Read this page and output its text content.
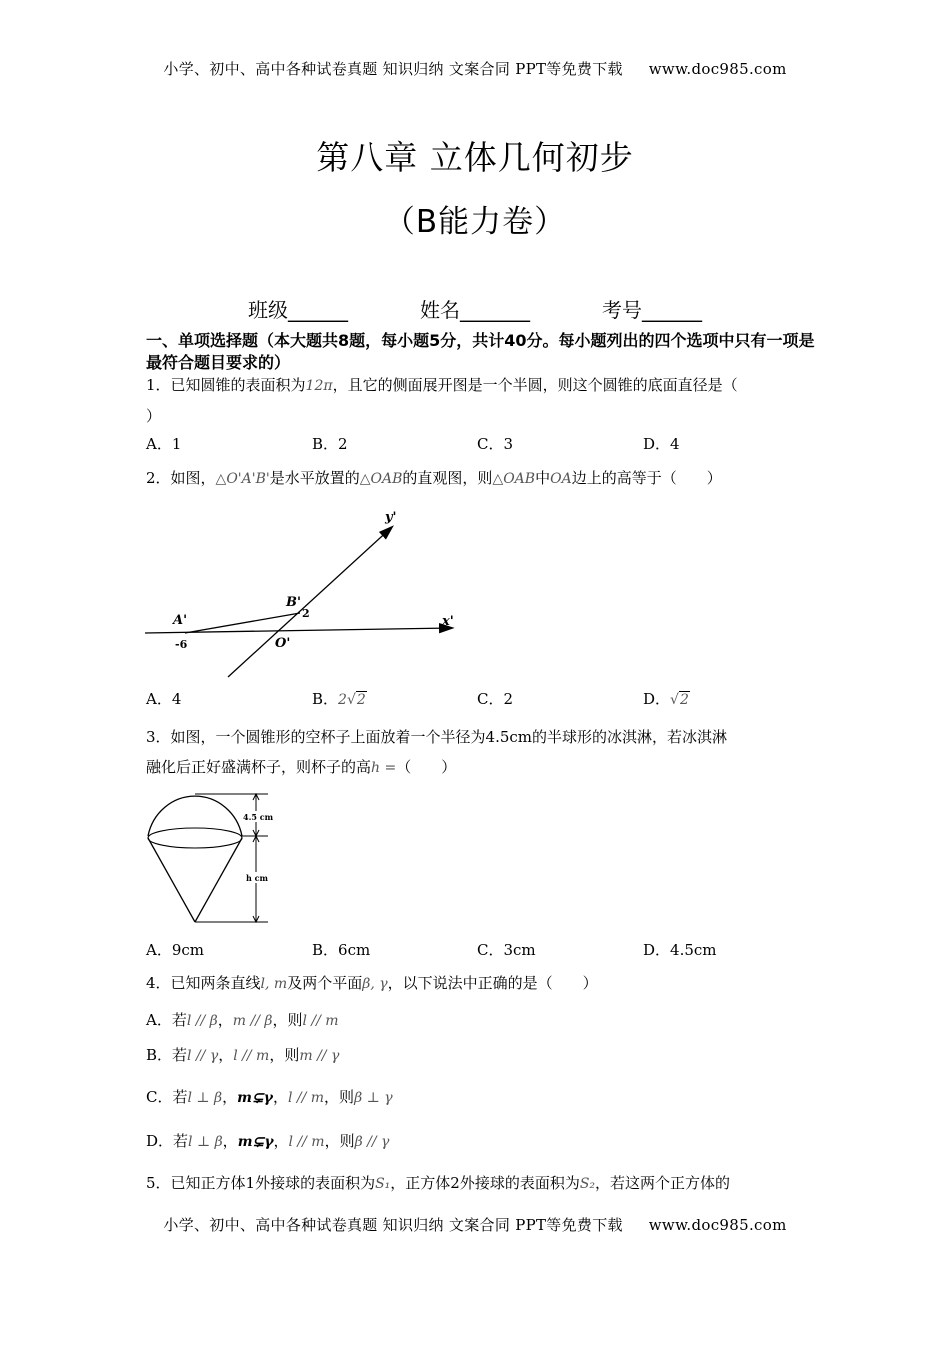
小学、初中、高中各种试卷真题 知识归纳 文案合同 PPT等免费下载 www.doc985.com
第八章 立体几何初步
（B能力卷）
班级______	姓名_______	考号______
一、单项选择题（本大题共8题，每小题5分，共计40分。每小题列出的四个选项中只有一项是最符合题目要求的）
1．已知圆锥的表面积为12π，且它的侧面展开图是一个半圆，则这个圆锥的底面直径是（
）
A．1	B．2	C．3	D．4
2．如图，△O'A'B'是水平放置的△OAB的直观图，则△OAB中OA边上的高等于（　　）
y'
x'
A'
B'
O'
2
-6
A．4	B．2√2	C．2	D．√2
3．如图，一个圆锥形的空杯子上面放着一个半径为4.5cm的半球形的冰淇淋，若冰淇淋
融化后正好盛满杯子，则杯子的高h =（　　）
4.5 cm
h cm
A．9cm	B．6cm	C．3cm	D．4.5cm
4．已知两条直线l, m及两个平面β, γ，以下说法中正确的是（　　）
A．若l // β，m // β，则l // m
B．若l // γ，l // m，则m // γ
C．若l ⊥ β，m⊊γ，l // m，则β ⊥ γ
D．若l ⊥ β，m⊊γ，l // m，则β // γ
5．已知正方体1外接球的表面积为S₁，正方体2外接球的表面积为S₂，若这两个正方体的
小学、初中、高中各种试卷真题 知识归纳 文案合同 PPT等免费下载 www.doc985.com
